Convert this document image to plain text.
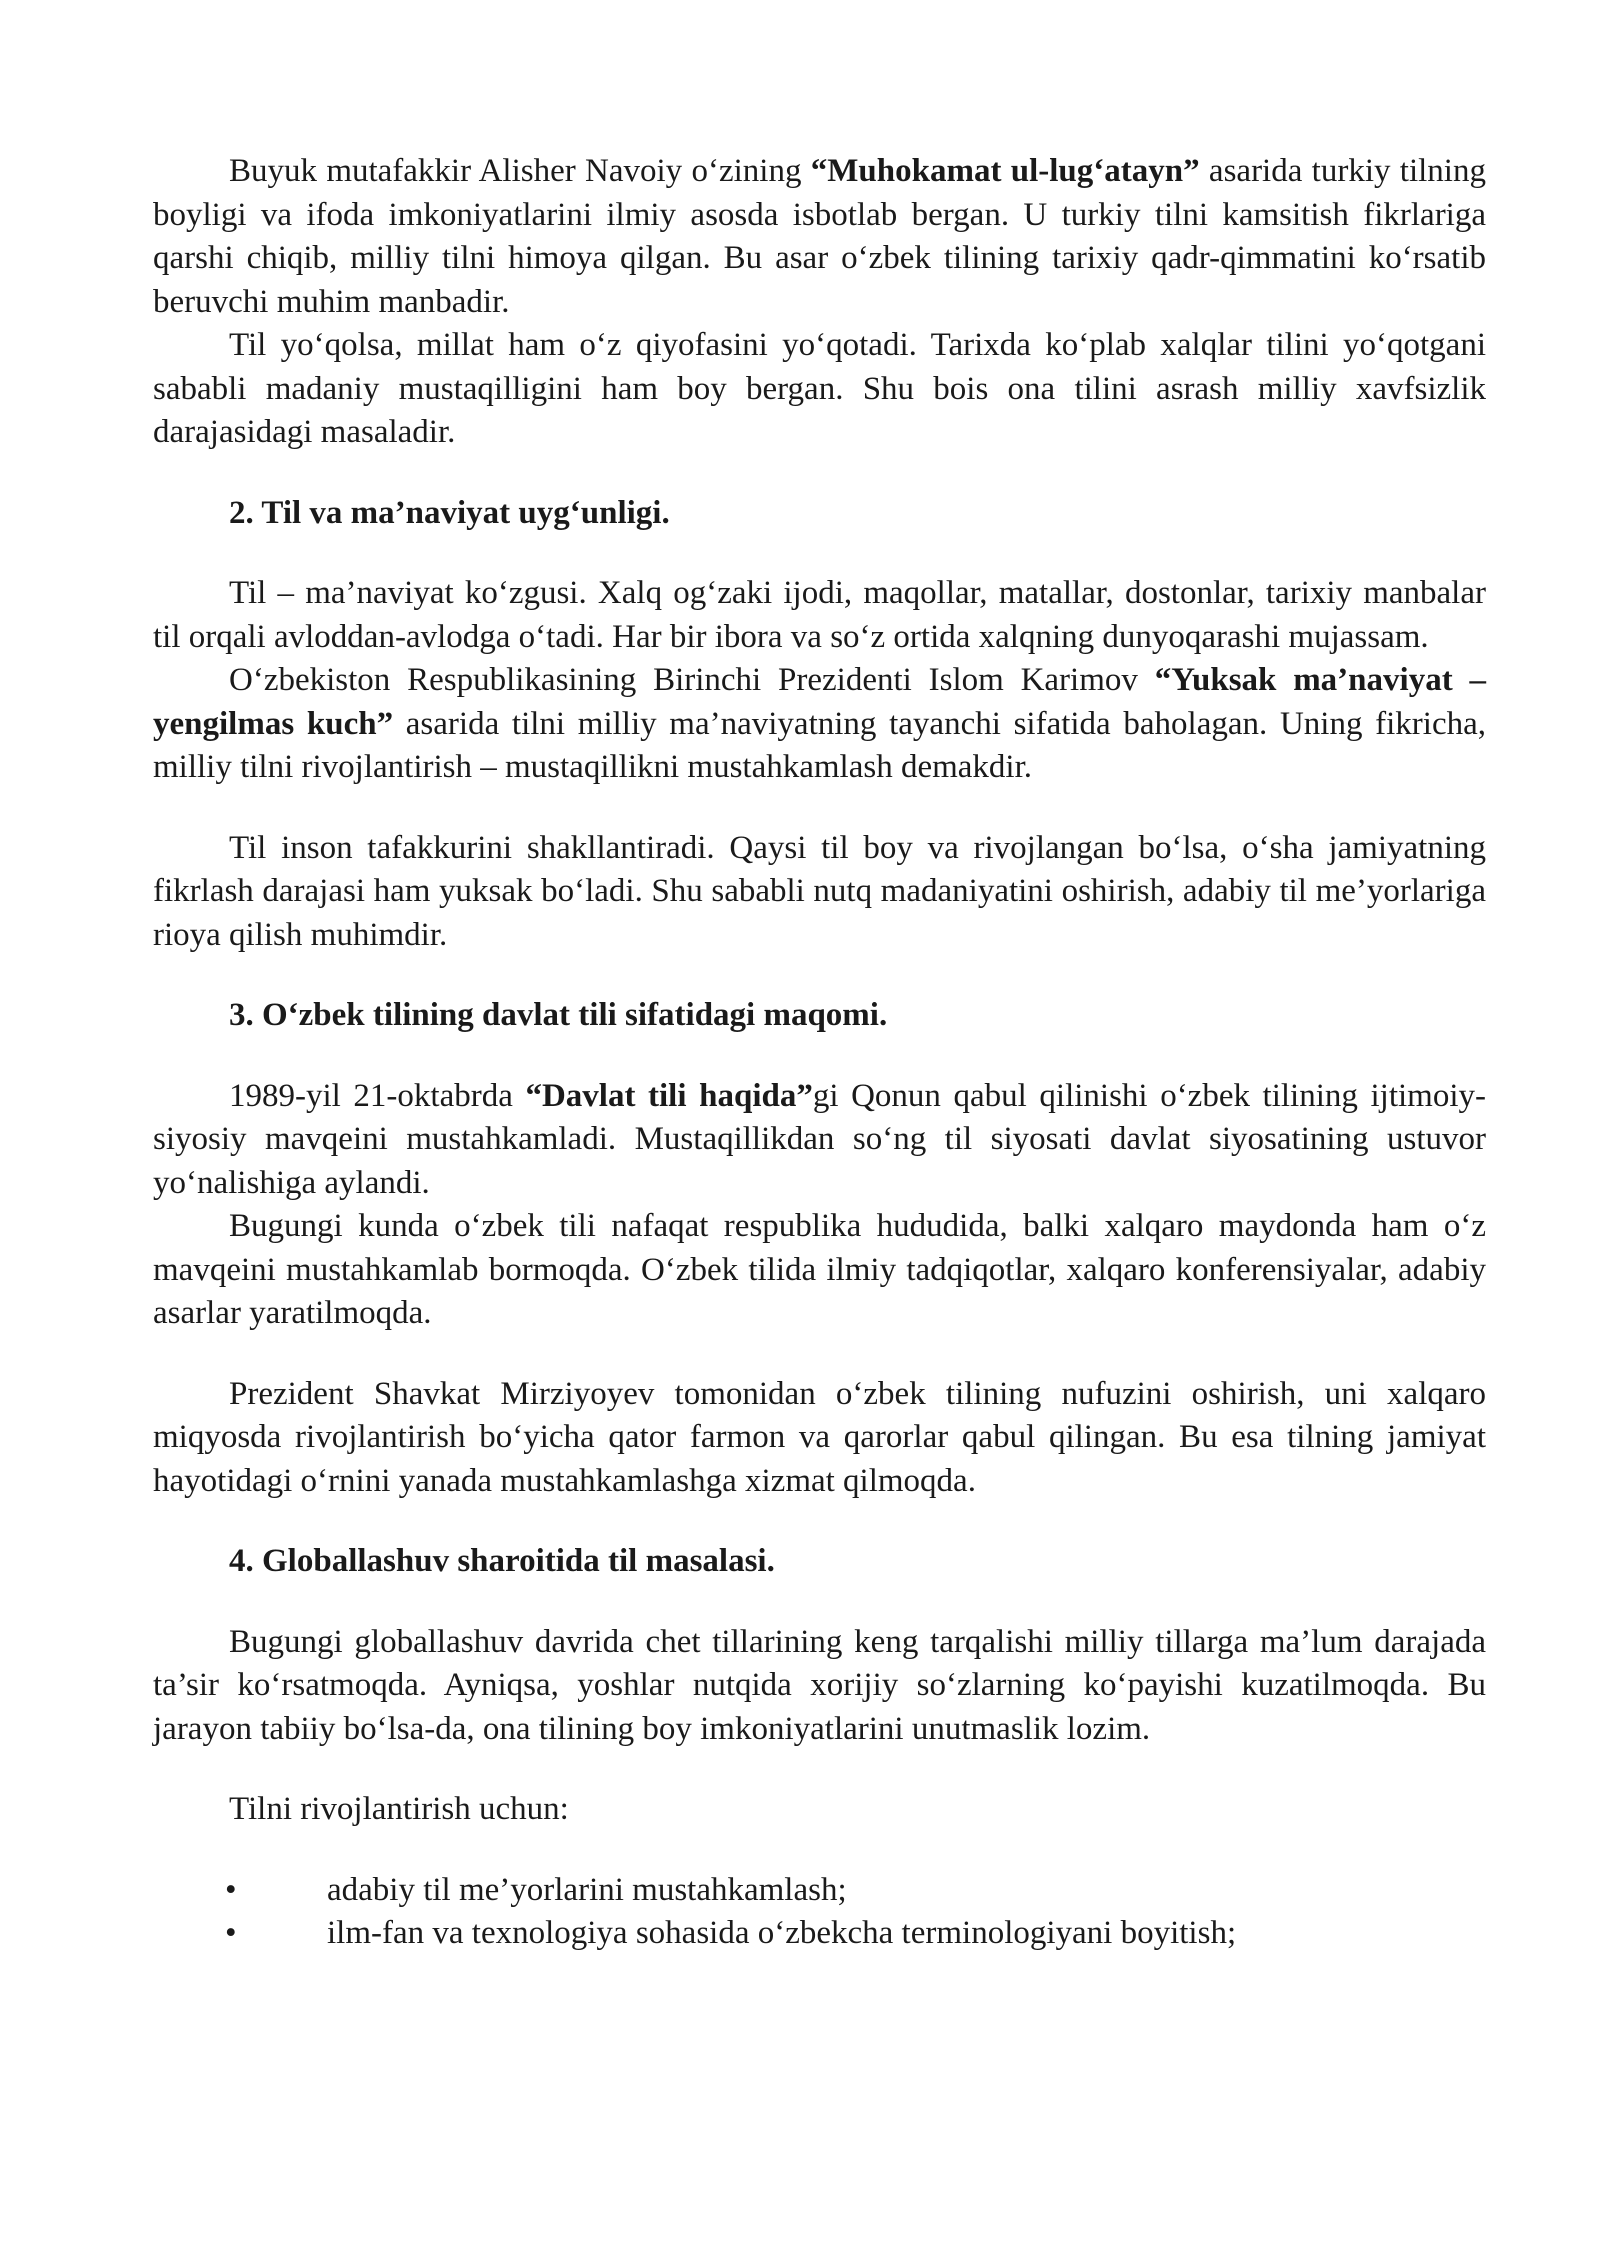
Buyuk mutafakkir Alisher Navoiy o‘zining “Muhokamat ul-lug‘atayn” asarida turkiy tilning boyligi va ifoda imkoniyatlarini ilmiy asosda isbotlab bergan. U turkiy tilni kamsitish fikrlariga qarshi chiqib, milliy tilni himoya qilgan. Bu asar o‘zbek tilining tarixiy qadr-qimmatini ko‘rsatib beruvchi muhim manbadir.

Til yo‘qolsa, millat ham o‘z qiyofasini yo‘qotadi. Tarixda ko‘plab xalqlar tilini yo‘qotgani sababli madaniy mustaqilligini ham boy bergan. Shu bois ona tilini asrash milliy xavfsizlik darajasidagi masaladir.

2. Til va ma’naviyat uyg‘unligi.

Til – ma’naviyat ko‘zgusi. Xalq og‘zaki ijodi, maqollar, matallar, dostonlar, tarixiy manbalar til orqali avloddan-avlodga o‘tadi. Har bir ibora va so‘z ortida xalqning dunyoqarashi mujassam.

O‘zbekiston Respublikasining Birinchi Prezidenti Islom Karimov “Yuksak ma’naviyat – yengilmas kuch” asarida tilni milliy ma’naviyatning tayanchi sifatida baholagan. Uning fikricha, milliy tilni rivojlantirish – mustaqillikni mustahkamlash demakdir.

Til inson tafakkurini shakllantiradi. Qaysi til boy va rivojlangan bo‘lsa, o‘sha jamiyatning fikrlash darajasi ham yuksak bo‘ladi. Shu sababli nutq madaniyatini oshirish, adabiy til me’yorlariga rioya qilish muhimdir.

3. O‘zbek tilining davlat tili sifatidagi maqomi.

1989-yil 21-oktabrda “Davlat tili haqida”gi Qonun qabul qilinishi o‘zbek tilining ijtimoiy-siyosiy mavqeini mustahkamladi. Mustaqillikdan so‘ng til siyosati davlat siyosatining ustuvor yo‘nalishiga aylandi.

Bugungi kunda o‘zbek tili nafaqat respublika hududida, balki xalqaro maydonda ham o‘z mavqeini mustahkamlab bormoqda. O‘zbek tilida ilmiy tadqiqotlar, xalqaro konferensiyalar, adabiy asarlar yaratilmoqda.

Prezident Shavkat Mirziyoyev tomonidan o‘zbek tilining nufuzini oshirish, uni xalqaro miqyosda rivojlantirish bo‘yicha qator farmon va qarorlar qabul qilingan. Bu esa tilning jamiyat hayotidagi o‘rnini yanada mustahkamlashga xizmat qilmoqda.

4. Globallashuv sharoitida til masalasi.

Bugungi globallashuv davrida chet tillarining keng tarqalishi milliy tillarga ma’lum darajada ta’sir ko‘rsatmoqda. Ayniqsa, yoshlar nutqida xorijiy so‘zlarning ko‘payishi kuzatilmoqda. Bu jarayon tabiiy bo‘lsa-da, ona tilining boy imkoniyatlarini unutmaslik lozim.

Tilni rivojlantirish uchun:

•	adabiy til me’yorlarini mustahkamlash;
•	ilm-fan va texnologiya sohasida o‘zbekcha terminologiyani boyitish;
